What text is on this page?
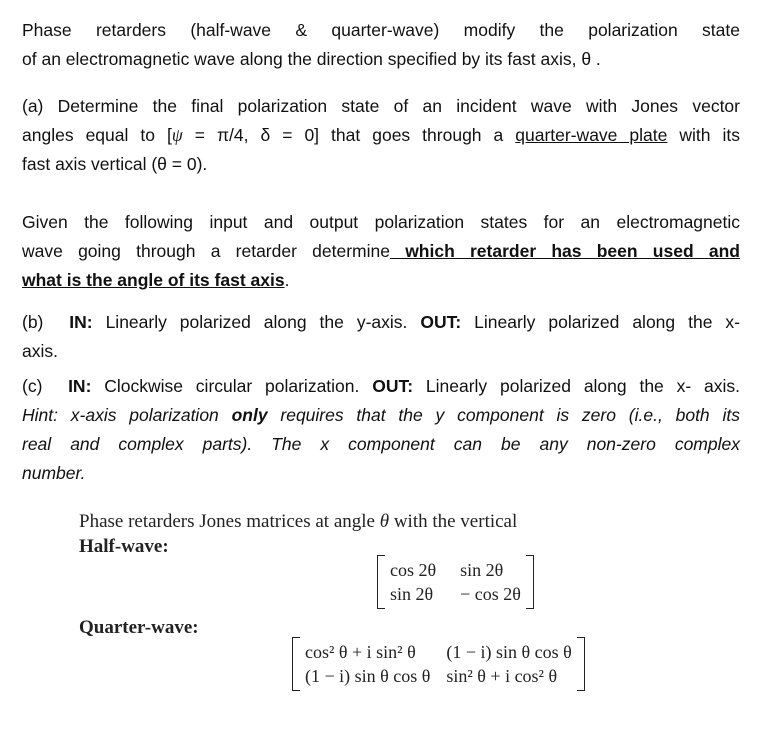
Phase retarders (half-wave & quarter-wave) modify the polarization state

of an electromagnetic wave along the direction specified by its fast axis, θ .

(a) Determine the final polarization state of an incident wave with Jones vector

angles equal to [ψ = π/4, δ = 0] that goes through a quarter-wave plate with its

fast axis vertical (θ = 0).

Given the following input and output polarization states for an electromagnetic

wave going through a retarder determine which retarder has been used and

what is the angle of its fast axis.

(b) IN: Linearly polarized along the y-axis. OUT: Linearly polarized along the x-

axis.

(c) IN: Clockwise circular polarization. OUT: Linearly polarized along the x- axis.

Hint: x-axis polarization only requires that the y component is zero (i.e., both its

real and complex parts). The x component can be any non-zero complex

number.

Phase retarders Jones matrices at angle θ with the vertical
Half-wave:
cos 2θ	sin 2θ
sin 2θ	− cos 2θ
Quarter-wave:
cos² θ + i sin² θ	(1 − i) sin θ cos θ
(1 − i) sin θ cos θ	sin² θ + i cos² θ
